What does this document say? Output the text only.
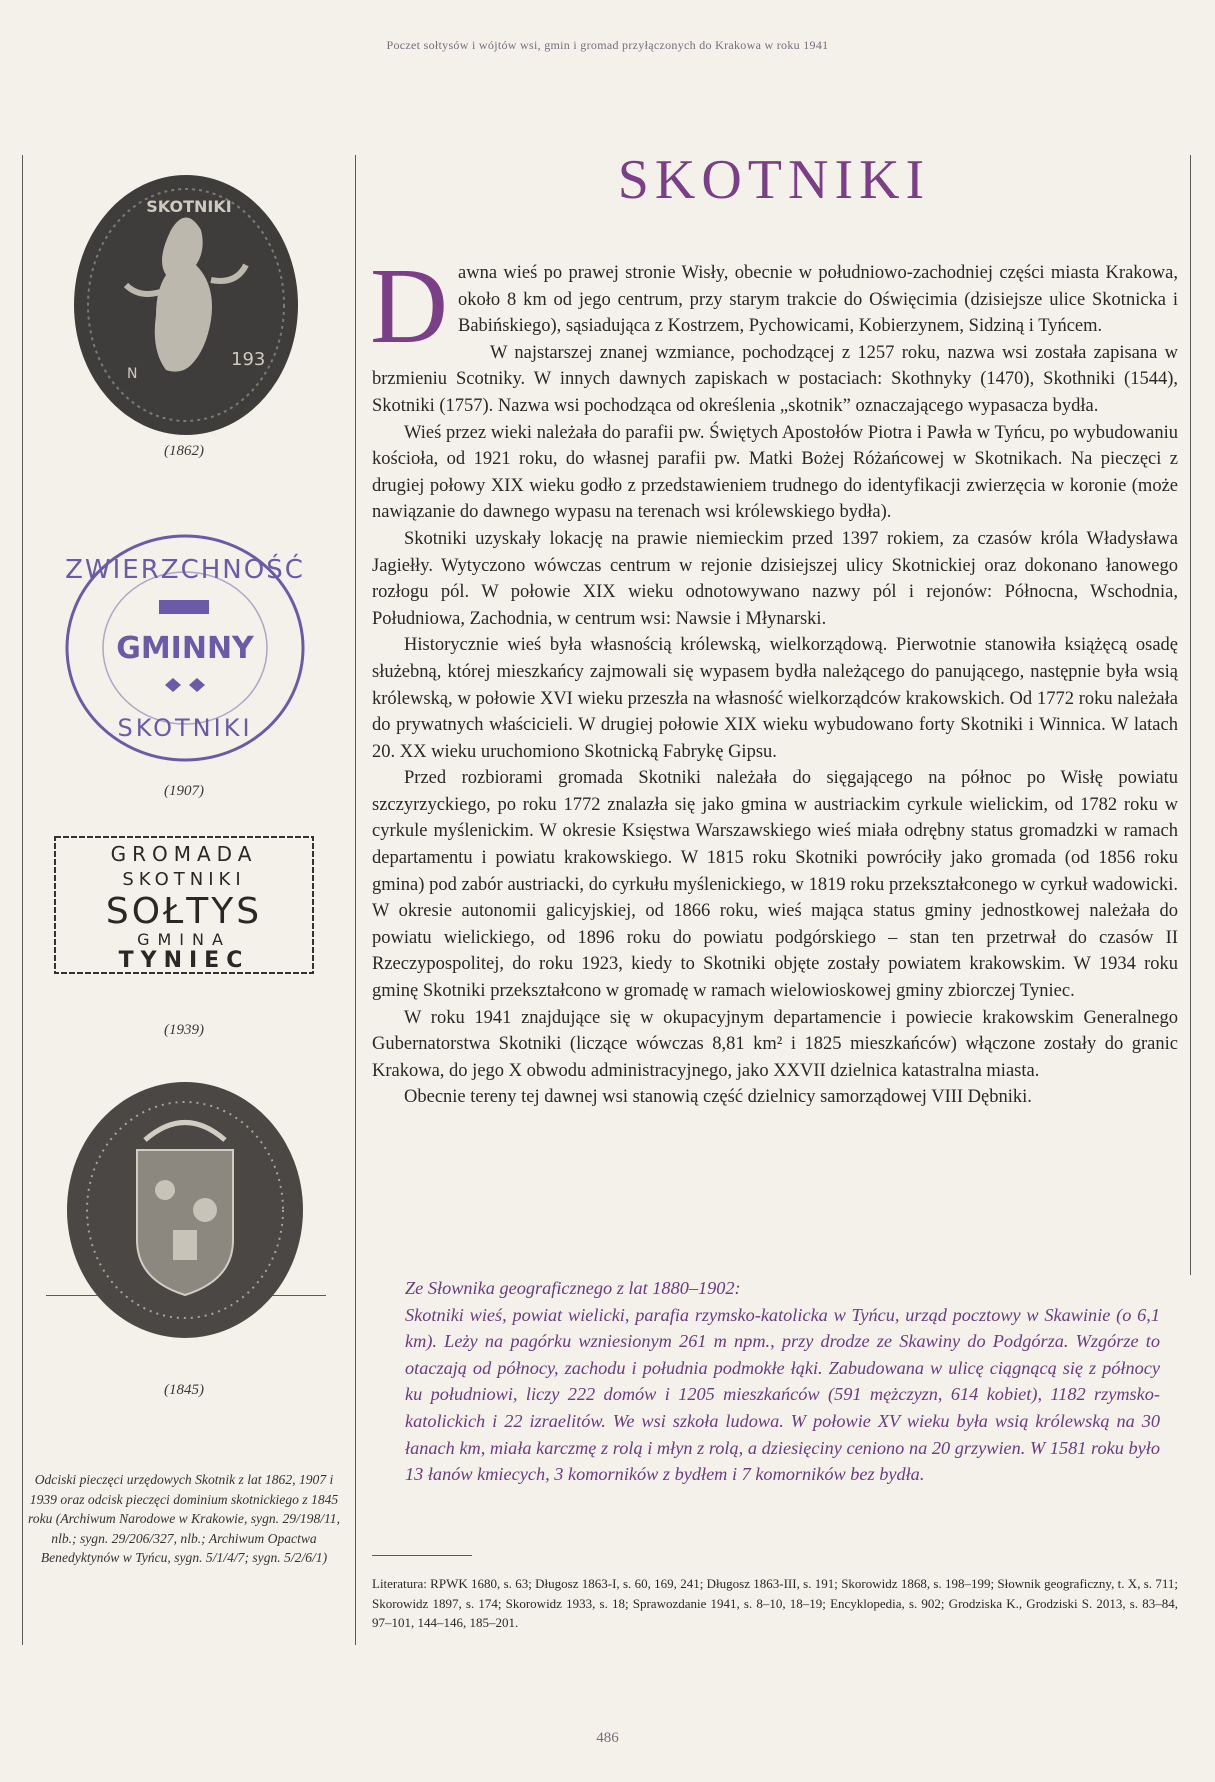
Poczet sołtysów i wójtów wsi, gmin i gromad przyłączonych do Krakowa w roku 1941
SKOTNIKI
N
193
(1862)
ZWIERZCHNOŚĆ
GMINNY
SKOTNIKI
(1907)
GROMADA
SKOTNIKI
SOŁTYS
GMINA
TYNIEC
(1939)
(1845)
Odciski pieczęci urzędowych Skotnik z lat 1862, 1907 i 1939 oraz odcisk pieczęci dominium skotnickiego z 1845 roku (Archiwum Narodowe w Krakowie, sygn. 29/198/11, nlb.; sygn. 29/206/327, nlb.; Archiwum Opactwa Benedyktynów w Tyńcu, sygn. 5/1/4/7; sygn. 5/2/6/1)
SKOTNIKI

Dawna wieś po prawej stronie Wisły, obecnie w południowo-zachodniej części miasta Krakowa, około 8 km od jego centrum, przy starym trakcie do Oświęcimia (dzisiejsze ulice Skotnicka i Babińskiego), sąsiadująca z Kostrzem, Pychowicami, Kobierzynem, Sidziną i Tyńcem.

W najstarszej znanej wzmiance, pochodzącej z 1257 roku, nazwa wsi została zapisana w brzmieniu Scotniky. W innych dawnych zapiskach w postaciach: Skothnyky (1470), Skothniki (1544), Skotniki (1757). Nazwa wsi pochodząca od określenia „skotnik” oznaczającego wypasacza bydła.

Wieś przez wieki należała do parafii pw. Świętych Apostołów Piotra i Pawła w Tyńcu, po wybudowaniu kościoła, od 1921 roku, do własnej parafii pw. Matki Bożej Różańcowej w Skotnikach. Na pieczęci z drugiej połowy XIX wieku godło z przedstawieniem trudnego do identyfikacji zwierzęcia w koronie (może nawiązanie do dawnego wypasu na terenach wsi królewskiego bydła).

Skotniki uzyskały lokację na prawie niemieckim przed 1397 rokiem, za czasów króla Władysława Jagiełły. Wytyczono wówczas centrum w rejonie dzisiejszej ulicy Skotnickiej oraz dokonano łanowego rozłogu pól. W połowie XIX wieku odnotowywano nazwy pól i rejonów: Północna, Wschodnia, Południowa, Zachodnia, w centrum wsi: Nawsie i Młynarski.

Historycznie wieś była własnością królewską, wielkorządową. Pierwotnie stanowiła książęcą osadę służebną, której mieszkańcy zajmowali się wypasem bydła należącego do panującego, następnie była wsią królewską, w połowie XVI wieku przeszła na własność wielkorządców krakowskich. Od 1772 roku należała do prywatnych właścicieli. W drugiej połowie XIX wieku wybudowano forty Skotniki i Winnica. W latach 20. XX wieku uruchomiono Skotnicką Fabrykę Gipsu.

Przed rozbiorami gromada Skotniki należała do sięgającego na północ po Wisłę powiatu szczyrzyckiego, po roku 1772 znalazła się jako gmina w austriackim cyrkule wielickim, od 1782 roku w cyrkule myślenickim. W okresie Księstwa Warszawskiego wieś miała odrębny status gromadzki w ramach departamentu i powiatu krakowskiego. W 1815 roku Skotniki powróciły jako gromada (od 1856 roku gmina) pod zabór austriacki, do cyrkułu myślenickiego, w 1819 roku przekształconego w cyrkuł wadowicki. W okresie autonomii galicyjskiej, od 1866 roku, wieś mająca status gminy jednostkowej należała do powiatu wielickiego, od 1896 roku do powiatu podgórskiego – stan ten przetrwał do czasów II Rzeczypospolitej, do roku 1923, kiedy to Skotniki objęte zostały powiatem krakowskim. W 1934 roku gminę Skotniki przekształcono w gromadę w ramach wielowioskowej gminy zbiorczej Tyniec.

W roku 1941 znajdujące się w okupacyjnym departamencie i powiecie krakowskim Generalnego Gubernatorstwa Skotniki (liczące wówczas 8,81 km² i 1825 mieszkańców) włączone zostały do granic Krakowa, do jego X obwodu administracyjnego, jako XXVII dzielnica katastralna miasta.

Obecnie tereny tej dawnej wsi stanowią część dzielnicy samorządowej VIII Dębniki.

Ze Słownika geograficznego z lat 1880–1902:
Skotniki wieś, powiat wielicki, parafia rzymsko-katolicka w Tyńcu, urząd pocztowy w Skawinie (o 6,1 km). Leży na pagórku wzniesionym 261 m npm., przy drodze ze Skawiny do Podgórza. Wzgórze to otaczają od północy, zachodu i południa podmokłe łąki. Zabudowana w ulicę ciągnącą się z północy ku południowi, liczy 222 domów i 1205 mieszkańców (591 mężczyzn, 614 kobiet), 1182 rzymsko-katolickich i 22 izraelitów. We wsi szkoła ludowa. W połowie XV wieku była wsią królewską na 30 łanach km, miała karczmę z rolą i młyn z rolą, a dziesięciny ceniono na 20 grzywien. W 1581 roku było 13 łanów kmiecych, 3 komorników z bydłem i 7 komorników bez bydła.
Literatura: RPWK 1680, s. 63; Długosz 1863-I, s. 60, 169, 241; Długosz 1863-III, s. 191; Skorowidz 1868, s. 198–199; Słownik geograficzny, t. X, s. 711; Skorowidz 1897, s. 174; Skorowidz 1933, s. 18; Sprawozdanie 1941, s. 8–10, 18–19; Encyklopedia, s. 902; Grodziska K., Grodziski S. 2013, s. 83–84, 97–101, 144–146, 185–201.
486
